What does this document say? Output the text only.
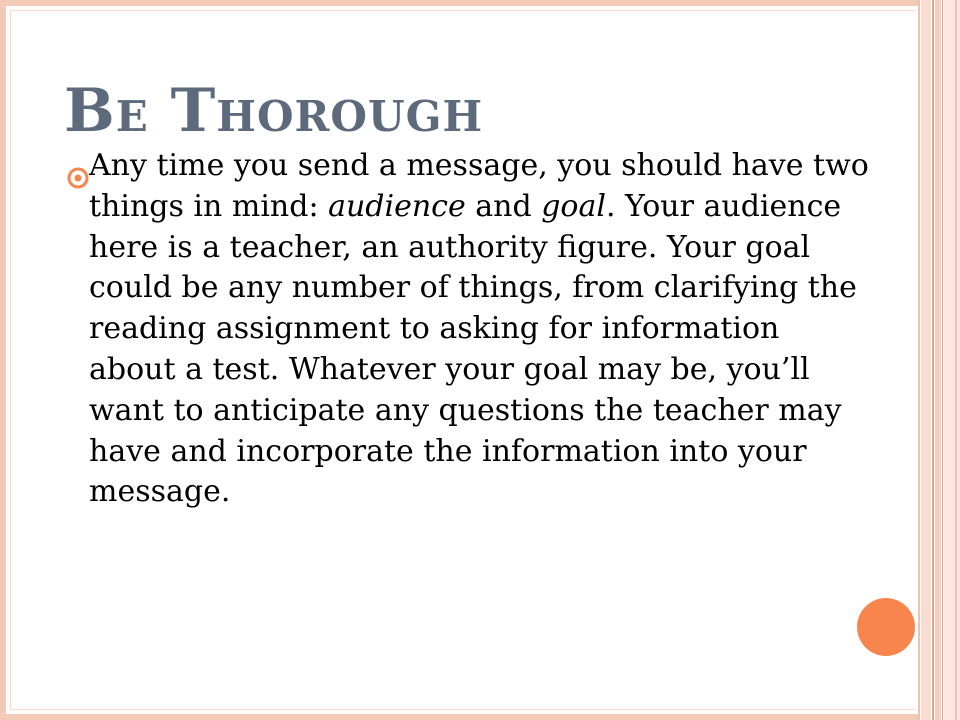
Be Thorough

Any time you send a message, you should have two things in mind: audience and goal. Your audience here is a teacher, an authority figure. Your goal could be any number of things, from clarifying the reading assignment to asking for information about a test. Whatever your goal may be, you’ll want to anticipate any questions the teacher may have and incorporate the information into your message.
